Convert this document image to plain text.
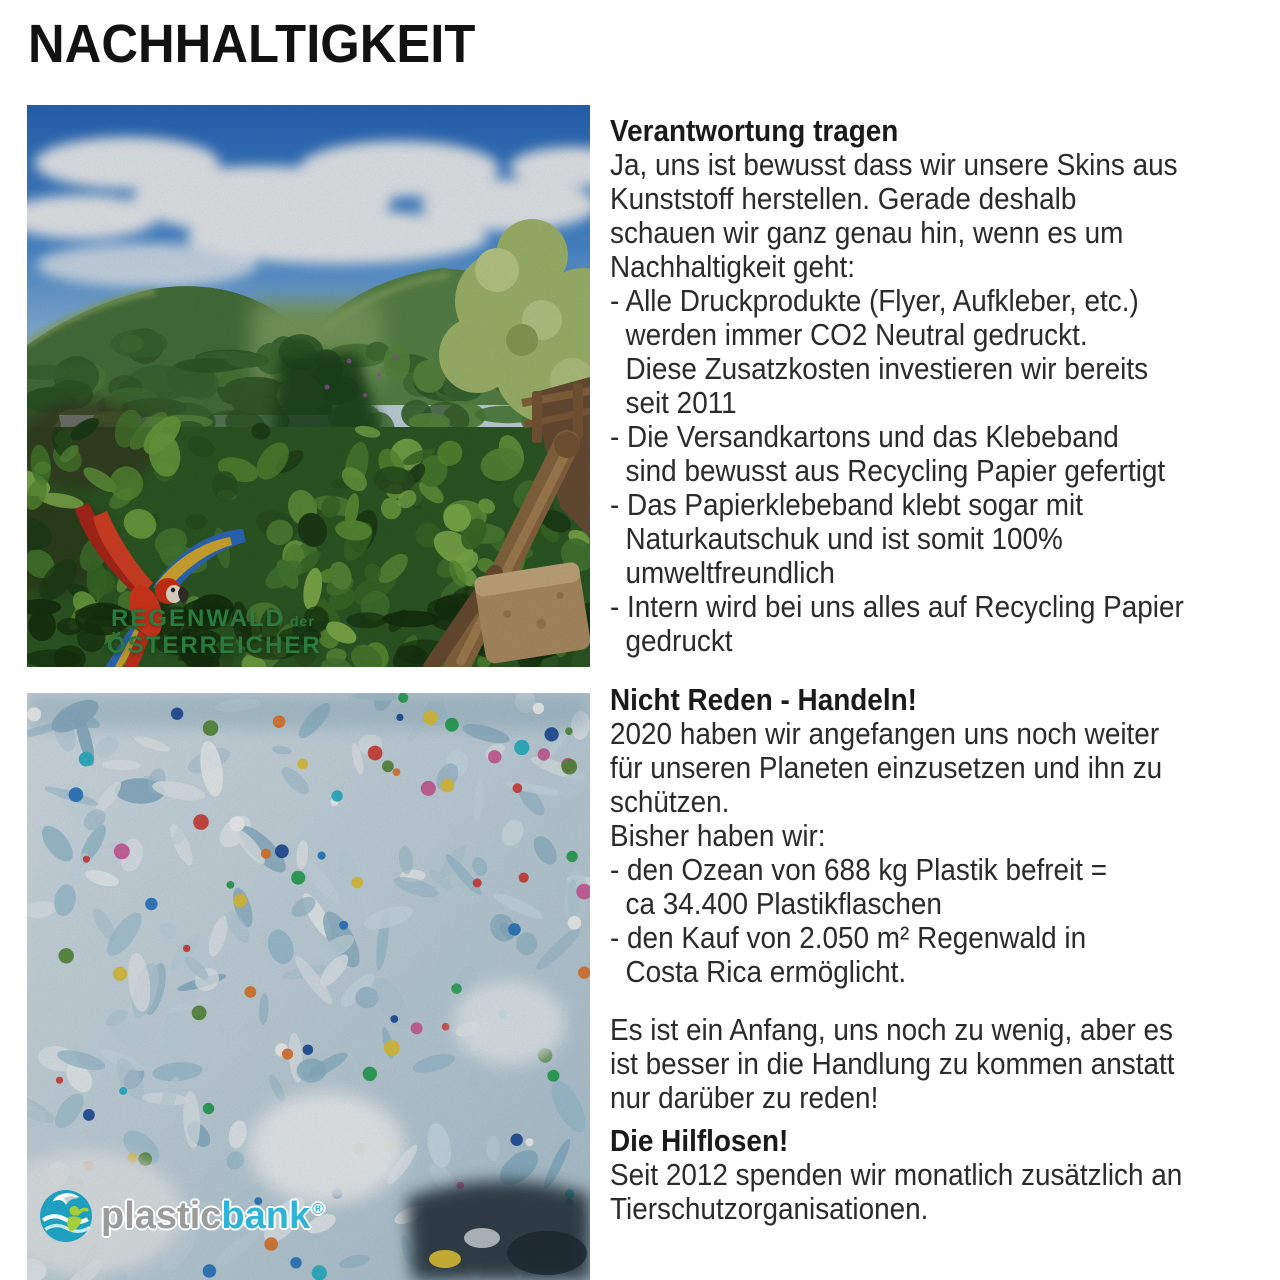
NACHHALTIGKEIT
REGENWALD der
ÖSTERREICHER
plasticbank ®
Verantwortung tragen
Ja, uns ist bewusst dass wir unsere Skins aus
Kunststoff herstellen. Gerade deshalb
schauen wir ganz genau hin, wenn es um
Nachhaltigkeit geht:
- Alle Druckprodukte (Flyer, Aufkleber, etc.)
werden immer CO2 Neutral gedruckt.
Diese Zusatzkosten investieren wir bereits
seit 2011
- Die Versandkartons und das Klebeband
sind bewusst aus Recycling Papier gefertigt
- Das Papierklebeband klebt sogar mit
Naturkautschuk und ist somit 100%
umweltfreundlich
- Intern wird bei uns alles auf Recycling Papier
gedruckt
Nicht Reden - Handeln!
2020 haben wir angefangen uns noch weiter
für unseren Planeten einzusetzen und ihn zu
schützen.
Bisher haben wir:
- den Ozean von 688 kg Plastik befreit =
ca 34.400 Plastikflaschen
- den Kauf von 2.050 m² Regenwald in
Costa Rica ermöglicht.
Es ist ein Anfang, uns noch zu wenig, aber es
ist besser in die Handlung zu kommen anstatt
nur darüber zu reden!
Die Hilflosen!
Seit 2012 spenden wir monatlich zusätzlich an
Tierschutzorganisationen.
